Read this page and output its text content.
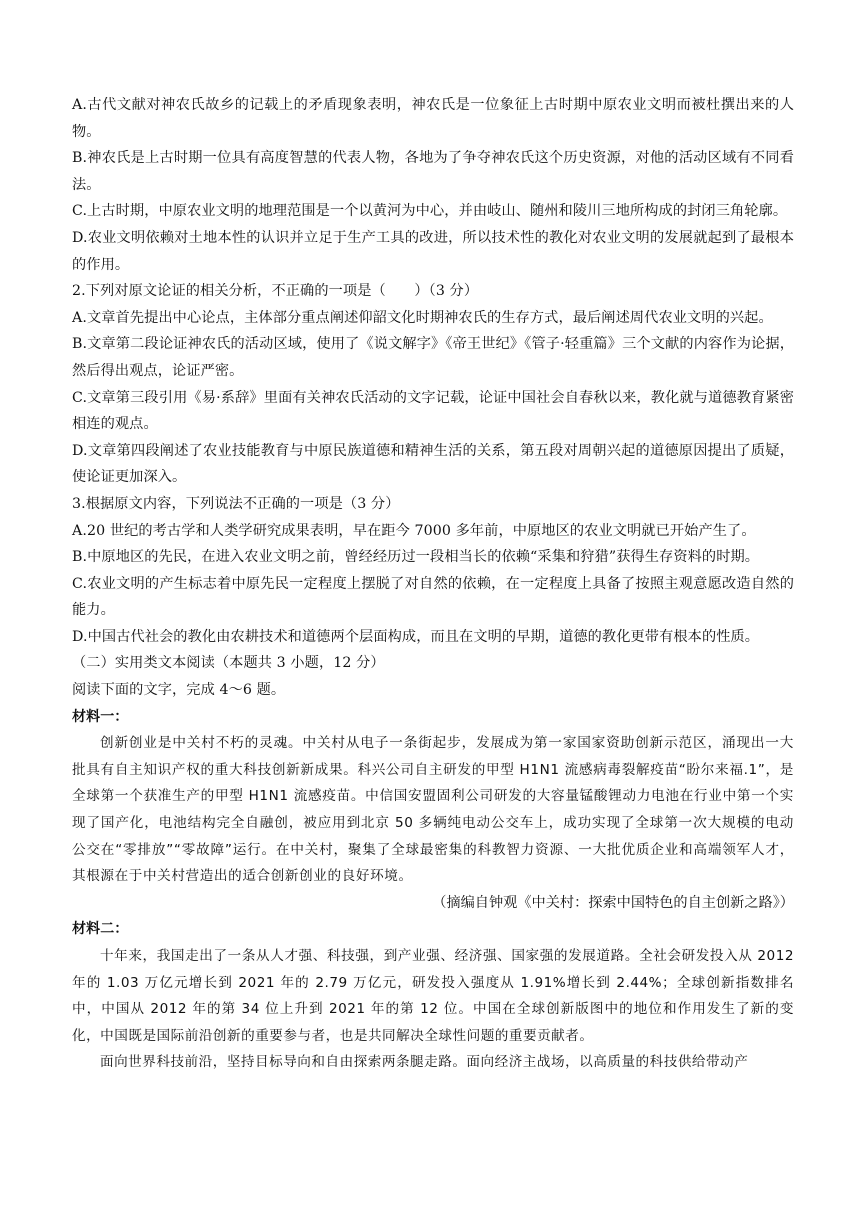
A.古代文献对神农氏故乡的记载上的矛盾现象表明，神农氏是一位象征上古时期中原农业文明而被杜撰出来的人物。

B.神农氏是上古时期一位具有高度智慧的代表人物，各地为了争夺神农氏这个历史资源，对他的活动区域有不同看法。

C.上古时期，中原农业文明的地理范围是一个以黄河为中心，并由岐山、随州和陵川三地所构成的封闭三角轮廓。

D.农业文明依赖对土地本性的认识并立足于生产工具的改进，所以技术性的教化对农业文明的发展就起到了最根本的作用。

2.下列对原文论证的相关分析，不正确的一项是（　　）（3 分）

A.文章首先提出中心论点，主体部分重点阐述仰韶文化时期神农氏的生存方式，最后阐述周代农业文明的兴起。

B.文章第二段论证神农氏的活动区域，使用了《说文解字》《帝王世纪》《管子·轻重篇》三个文献的内容作为论据，然后得出观点，论证严密。

C.文章第三段引用《易·系辞》里面有关神农氏活动的文字记载，论证中国社会自春秋以来，教化就与道德教育紧密相连的观点。

D.文章第四段阐述了农业技能教育与中原民族道德和精神生活的关系，第五段对周朝兴起的道德原因提出了质疑，使论证更加深入。

3.根据原文内容，下列说法不正确的一项是（3 分）

A.20 世纪的考古学和人类学研究成果表明，早在距今 7000 多年前，中原地区的农业文明就已开始产生了。

B.中原地区的先民，在进入农业文明之前，曾经经历过一段相当长的依赖“采集和狩猎”获得生存资料的时期。

C.农业文明的产生标志着中原先民一定程度上摆脱了对自然的依赖，在一定程度上具备了按照主观意愿改造自然的能力。

D.中国古代社会的教化由农耕技术和道德两个层面构成，而且在文明的早期，道德的教化更带有根本的性质。

（二）实用类文本阅读（本题共 3 小题，12 分）

阅读下面的文字，完成 4～6 题。

材料一：

创新创业是中关村不朽的灵魂。中关村从电子一条街起步，发展成为第一家国家资助创新示范区，涌现出一大批具有自主知识产权的重大科技创新新成果。科兴公司自主研发的甲型 H1N1 流感病毒裂解疫苗“盼尔来福.1”，是全球第一个获准生产的甲型 H1N1 流感疫苗。中信国安盟固利公司研发的大容量锰酸锂动力电池在行业中第一个实现了国产化，电池结构完全自融创，被应用到北京 50 多辆纯电动公交车上，成功实现了全球第一次大规模的电动公交在“零排放”“零故障”运行。在中关村，聚集了全球最密集的科教智力资源、一大批优质企业和高端领军人才，其根源在于中关村营造出的适合创新创业的良好环境。

（摘编自钟观《中关村：探索中国特色的自主创新之路》）

材料二：

十年来，我国走出了一条从人才强、科技强，到产业强、经济强、国家强的发展道路。全社会研发投入从 2012 年的 1.03 万亿元增长到 2021 年的 2.79 万亿元，研发投入强度从 1.91%增长到 2.44%；全球创新指数排名中，中国从 2012 年的第 34 位上升到 2021 年的第 12 位。中国在全球创新版图中的地位和作用发生了新的变化，中国既是国际前沿创新的重要参与者，也是共同解决全球性问题的重要贡献者。

面向世界科技前沿，坚持目标导向和自由探索两条腿走路。面向经济主战场，以高质量的科技供给带动产
